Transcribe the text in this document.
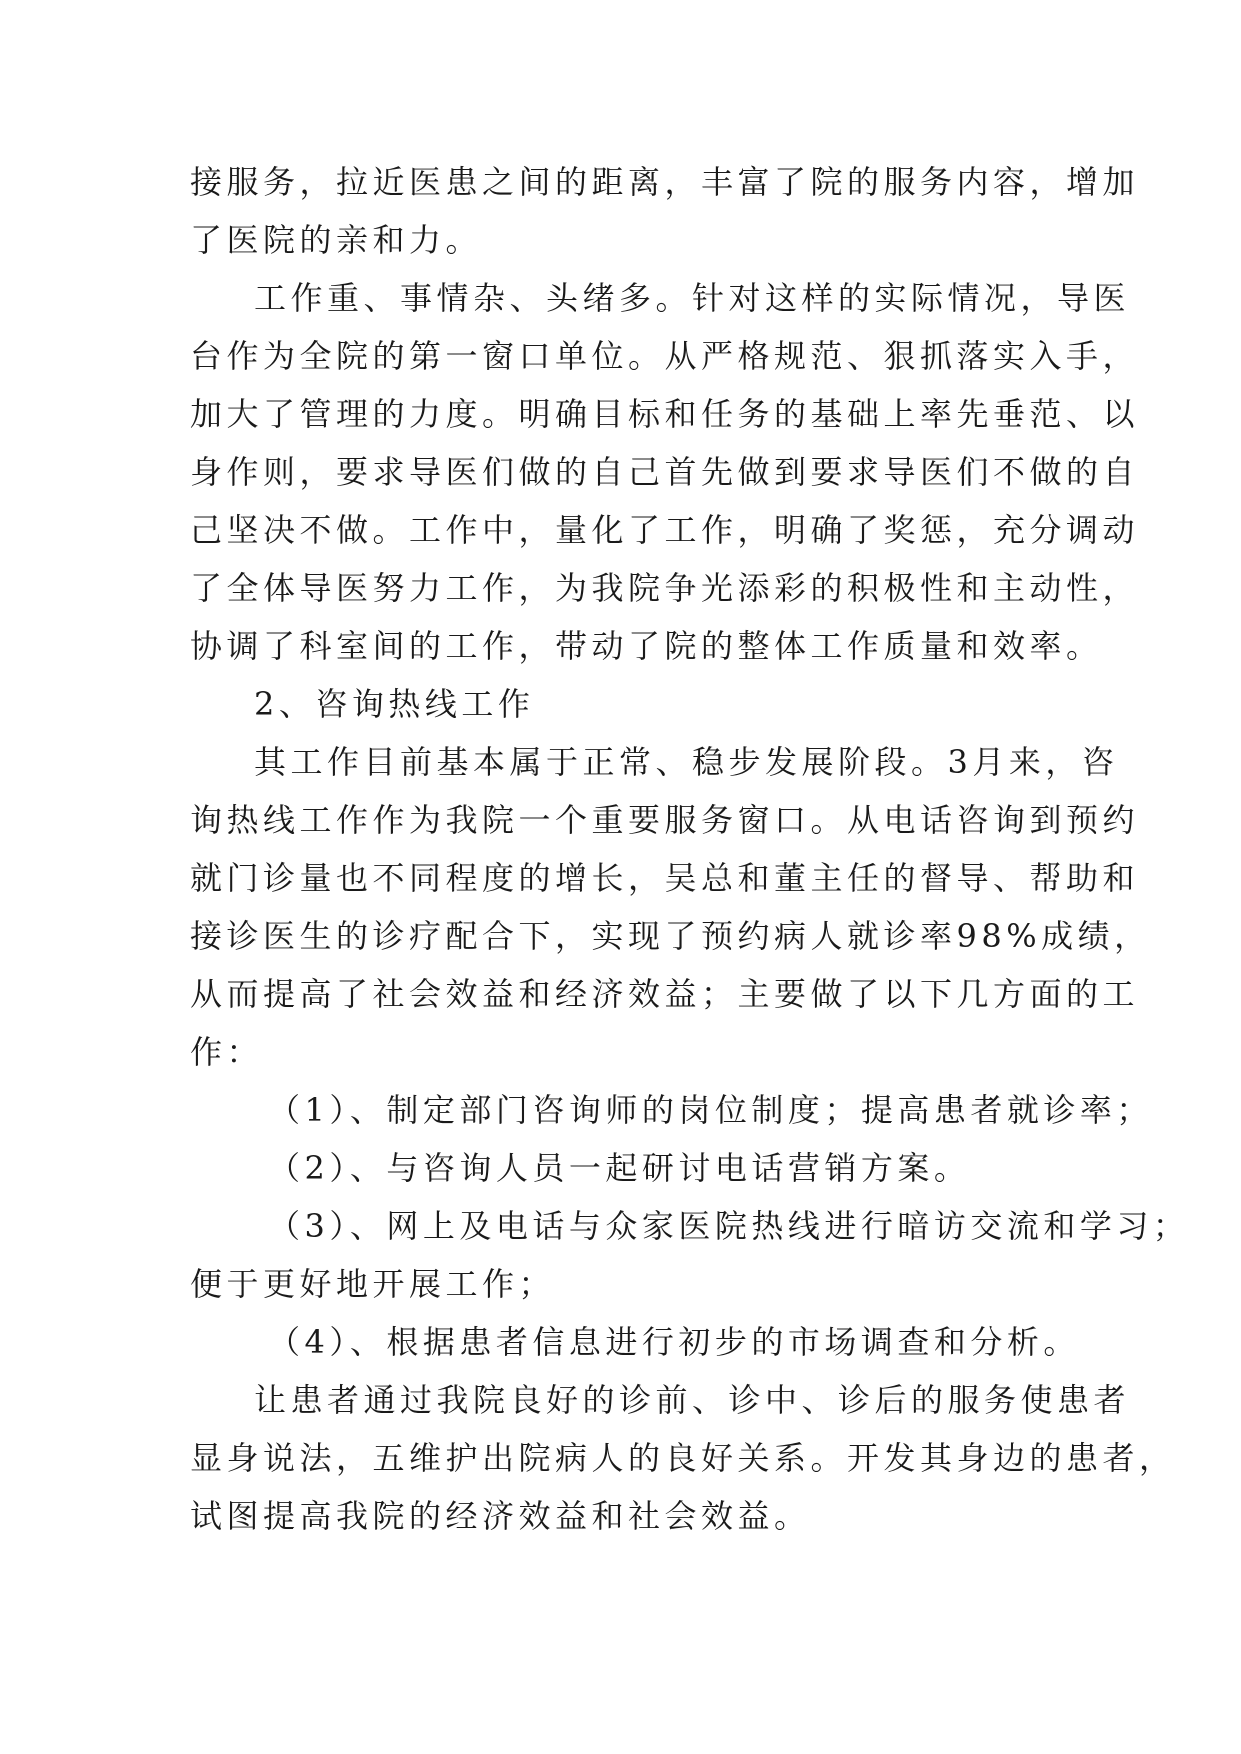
接服务，拉近医患之间的距离，丰富了院的服务内容，增加
了医院的亲和力。
工作重、事情杂、头绪多。针对这样的实际情况，导医
台作为全院的第一窗口单位。从严格规范、狠抓落实入手，
加大了管理的力度。明确目标和任务的基础上率先垂范、以
身作则，要求导医们做的自己首先做到要求导医们不做的自
己坚决不做。工作中，量化了工作，明确了奖惩，充分调动
了全体导医努力工作，为我院争光添彩的积极性和主动性，
协调了科室间的工作，带动了院的整体工作质量和效率。
2、咨询热线工作
其工作目前基本属于正常、稳步发展阶段。3月来，咨
询热线工作作为我院一个重要服务窗口。从电话咨询到预约
就门诊量也不同程度的增长，吴总和董主任的督导、帮助和
接诊医生的诊疗配合下，实现了预约病人就诊率98%成绩，
从而提高了社会效益和经济效益；主要做了以下几方面的工
作：
（1）、制定部门咨询师的岗位制度；提高患者就诊率；
（2）、与咨询人员一起研讨电话营销方案。
（3）、网上及电话与众家医院热线进行暗访交流和学习；
便于更好地开展工作；
（4）、根据患者信息进行初步的市场调查和分析。
让患者通过我院良好的诊前、诊中、诊后的服务使患者
显身说法，五维护出院病人的良好关系。开发其身边的患者，
试图提高我院的经济效益和社会效益。
